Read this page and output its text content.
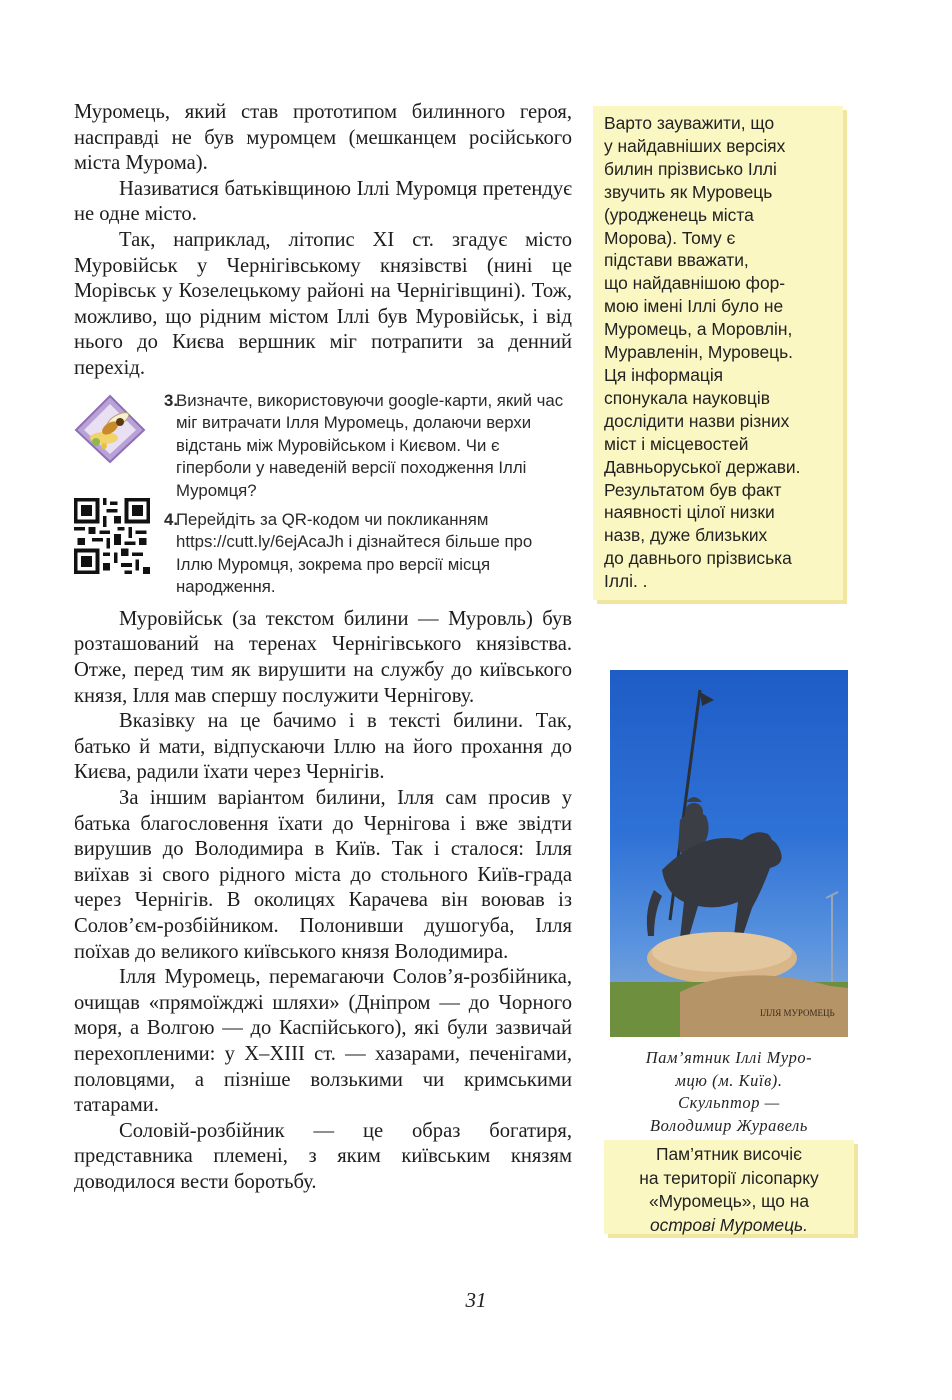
Муромець, який став прототипом билинного героя, насправді не був муромцем (мешканцем російського міста Мурома).

Називатися батьківщиною Іллі Муромця претендує не одне місто.

Так, наприклад, літопис XI ст. згадує місто Муровійськ у Чернігівському князівстві (нині це Морівськ у Козелецькому районі на Чернігівщині). Тож, можливо, що рідним містом Іллі був Муровійськ, і від нього до Києва вершник міг потрапити за денний перехід.

3.
Визначте, використовуючи google-карти, який час міг витрачати Ілля Муромець, долаючи верхи відстань між Муровійськом і Києвом. Чи є гіперболи у наведеній версії походження Іллі Муромця?
4.
Перейдіть за QR-кодом чи покликанням https://cutt.ly/6ejAcaJh і дізнайтеся більше про Іллю Муромця, зокрема про версії місця народження.

Муровійськ (за текстом билини — Муровль) був розташований на теренах Чернігівського князівства. Отже, перед тим як вирушити на службу до київського князя, Ілля мав спершу послужити Чернігову.

Вказівку на це бачимо і в тексті билини. Так, батько й мати, відпускаючи Іллю на його прохання до Києва, радили їхати через Чернігів.

За іншим варіантом билини, Ілля сам просив у батька благословення їхати до Чернігова і вже звідти вирушив до Володимира в Київ. Так і сталося: Ілля виїхав зі свого рідного міста до стольного Київ-града через Чернігів. В околицях Карачева він воював із Солов’єм-розбійником. Полонивши душогуба, Ілля поїхав до великого київського князя Володимира.

Ілля Муромець, перемагаючи Солов’я-розбійника, очищав «прямоїжджі шляхи» (Дніпром — до Чорного моря, а Волгою — до Каспійського), які були зазвичай перехопленими: у X–XIII ст. — хазарами, печенігами, половцями, а пізніше волзькими чи кримськими татарами.

Соловій-розбійник — це образ богатиря, представника племені, з яким київським князям доводилося вести боротьбу.

Варто зауважити, що
у найдавніших версіях
билин прізвисько Іллі
звучить як Муровець
(уродженець міста
Морова). Тому є
підстави вважати,
що найдавнішою фор-
мою імені Іллі було не
Муромець, а Моровлін,
Муравленін, Муровець.
Ця інформація
спонукала науковців
дослідити назви різних
міст і місцевостей
Давньоруської держави.
Результатом був факт
наявності цілої низки
назв, дуже близьких
до давнього прізвиська
Іллі. .
ІЛЛЯ МУРОМЕЦЬ
Пам’ятник Іллі Муро-
мцю (м. Київ).
Скульптор —
Володимир Журавель
Пам’ятник височіє
на території лісопарку
«Муромець», що на
острові Муромець.
31
